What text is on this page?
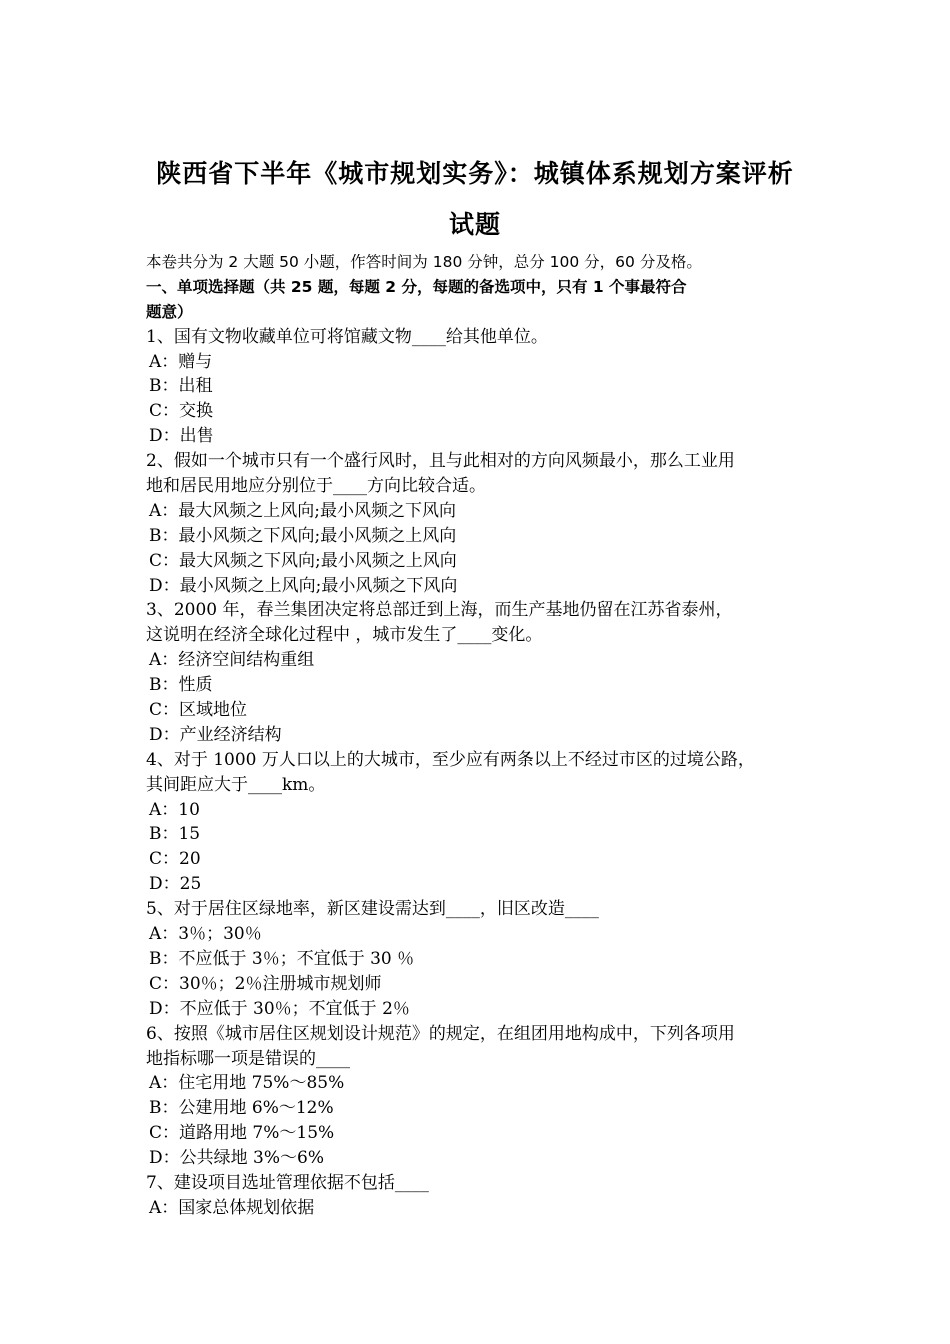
陕西省下半年《城市规划实务》：城镇体系规划方案评析
试题
本卷共分为 2 大题 50 小题，作答时间为 180 分钟，总分 100 分，60 分及格。
一、单项选择题（共 25 题，每题 2 分，每题的备选项中，只有 1 个事最符合
题意）
1、国有文物收藏单位可将馆藏文物____给其他单位。
A：赠与
B：出租
C：交换
D：出售
2、假如一个城市只有一个盛行风时，且与此相对的方向风频最小，那么工业用
地和居民用地应分别位于____方向比较合适。
A：最大风频之上风向;最小风频之下风向
B：最小风频之下风向;最小风频之上风向
C：最大风频之下风向;最小风频之上风向
D：最小风频之上风向;最小风频之下风向
3、2000 年，春兰集团决定将总部迁到上海，而生产基地仍留在江苏省泰州，
这说明在经济全球化过程中 ，城市发生了____变化。
A：经济空间结构重组
B：性质
C：区域地位
D：产业经济结构
4、对于 1000 万人口以上的大城市，至少应有两条以上不经过市区的过境公路，
其间距应大于____km。
A：10
B：15
C：20
D：25
5、对于居住区绿地率，新区建设需达到____，旧区改造____
A：3％；30％
B：不应低于 3％；不宜低于 30 ％
C：30％；2％注册城市规划师
D：不应低于 30％；不宜低于 2％
6、按照《城市居住区规划设计规范》的规定，在组团用地构成中，下列各项用
地指标哪一项是错误的____
A：住宅用地 75%～85%
B：公建用地 6%～12%
C：道路用地 7%～15%
D：公共绿地 3%～6%
7、建设项目选址管理依据不包括____
A：国家总体规划依据
